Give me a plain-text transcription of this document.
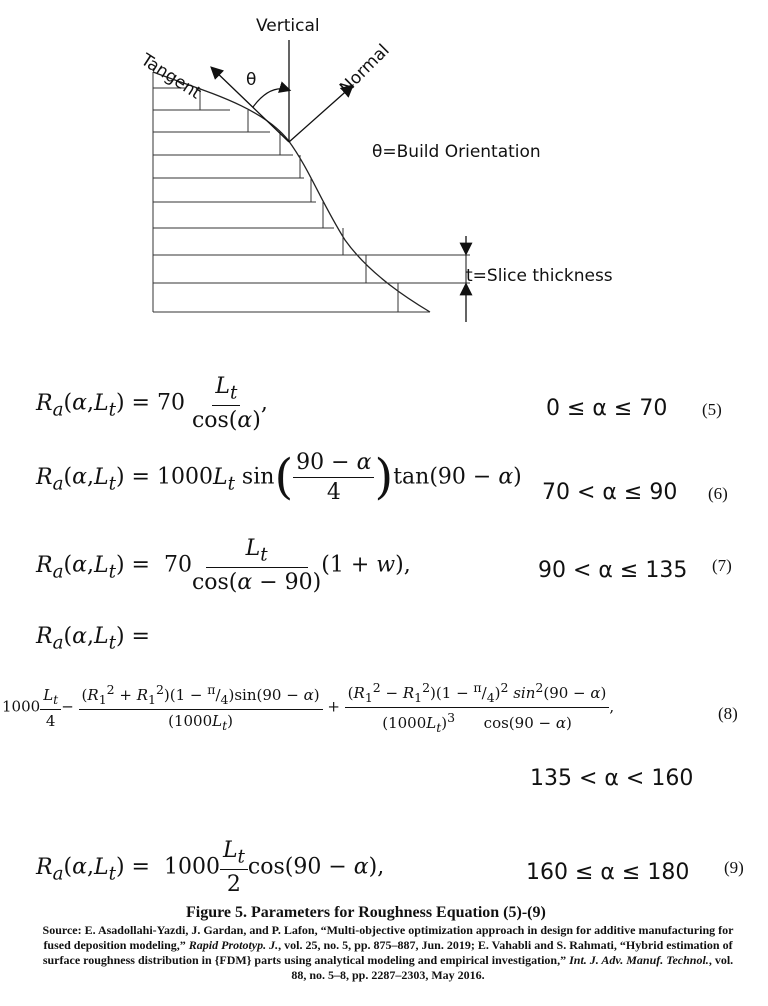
Vertical
Tangent	Normal
θ
θ=Build Orientation
t=Slice thickness
$R_a(\alpha,L_t) = 70 \frac{L_t}{\cos(\alpha)}$ ,	0 ≤ α ≤ 70 (5)
$R_a(\alpha,L_t) = 1000L_t$ $\sin( \frac{90 - \alpha}{4} )\tan(90 - \alpha)$
70 < α ≤ 90 (6)
$R_a(\alpha,L_t) = 70 \frac{L_t}{\cos(\alpha - 90)} (1 + w)$,	90 < α ≤ 135 (7)
$R_a(\alpha,L_t)$ =
$1000 \frac{L_t}{4} - \frac{(R_1^2 + R_1^2)(1 - ^\pi/_4)\sin(90 - \alpha)}{(1000L_t)} + \frac{(R_1^2 - R_1^2)(1 - ^\pi/_4)^2 \sin^2(90 - \alpha)}{(1000L_t)^3 \cos(90 - \alpha)}$ ,	(8)
135 < α < 160
$R_a(\alpha,L_t) = 1000 \frac{L_t}{2} \cos(90 - \alpha)$,	160 ≤ α ≤ 180 (9)
Figure 5. Parameters for Roughness Equation (5)-(9)
Source: E. Asadollahi-Yazdi, J. Gardan, and P. Lafon, “Multi-objective optimization approach in design for additive manufacturing for fused deposition modeling,” Rapid Prototyp. J., vol. 25, no. 5, pp. 875–887, Jun. 2019; E. Vahabli and S. Rahmati, “Hybrid estimation of surface roughness distribution in {FDM} parts using analytical modeling and empirical investigation,” Int. J. Adv. Manuf. Technol., vol. 88, no. 5–8, pp. 2287–2303, May 2016.
